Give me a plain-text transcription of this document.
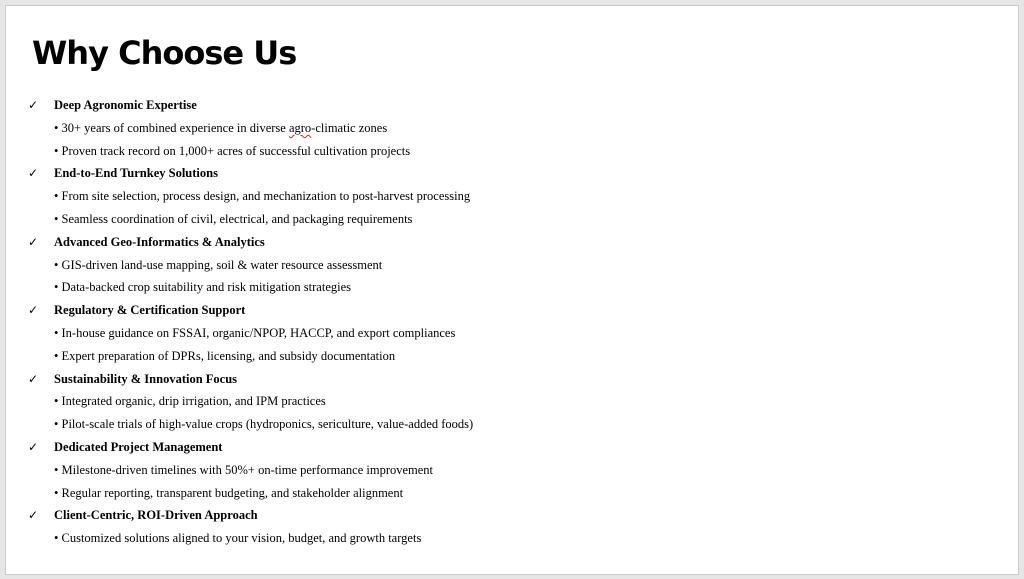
Why Choose Us
✓	Deep Agronomic Expertise
• 30+ years of combined experience in diverse agro-climatic zones
• Proven track record on 1,000+ acres of successful cultivation projects
✓	End-to-End Turnkey Solutions
• From site selection, process design, and mechanization to post-harvest processing
• Seamless coordination of civil, electrical, and packaging requirements
✓	Advanced Geo-Informatics & Analytics
• GIS-driven land-use mapping, soil & water resource assessment
• Data-backed crop suitability and risk mitigation strategies
✓	Regulatory & Certification Support
• In-house guidance on FSSAI, organic/NPOP, HACCP, and export compliances
• Expert preparation of DPRs, licensing, and subsidy documentation
✓	Sustainability & Innovation Focus
• Integrated organic, drip irrigation, and IPM practices
• Pilot-scale trials of high-value crops (hydroponics, sericulture, value-added foods)
✓	Dedicated Project Management
• Milestone-driven timelines with 50%+ on-time performance improvement
• Regular reporting, transparent budgeting, and stakeholder alignment
✓	Client-Centric, ROI-Driven Approach
• Customized solutions aligned to your vision, budget, and growth targets
